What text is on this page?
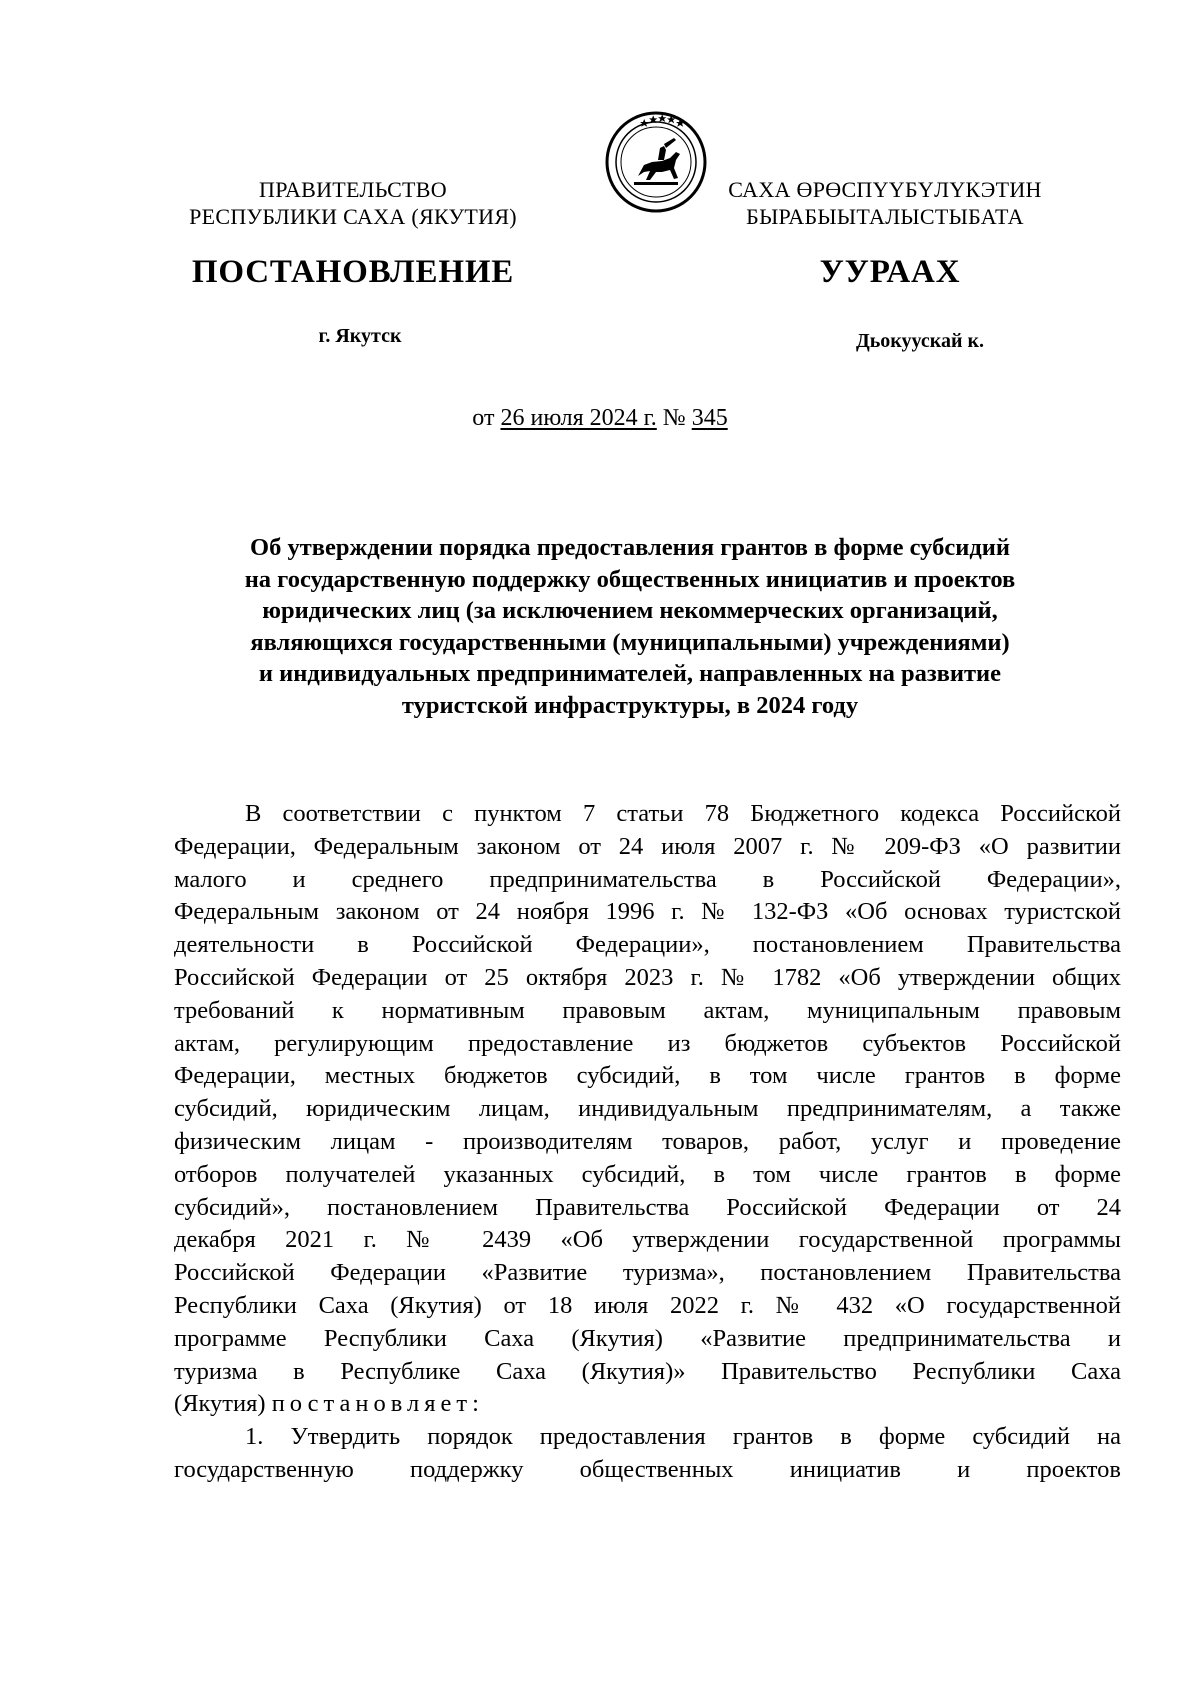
ПРАВИТЕЛЬСТВО
РЕСПУБЛИКИ САХА (ЯКУТИЯ)
САХА ӨРӨСПҮҮБҮЛҮКЭТИН
БЫРАБЫЫТАЛЫСТЫБАТА
ПОСТАНОВЛЕНИЕ	УУРААХ
г. Якутск	Дьокуускай к.
от 26 июля 2024 г. № 345
Об утверждении порядка предоставления грантов в форме субсидий
на государственную поддержку общественных инициатив и проектов
юридических лиц (за исключением некоммерческих организаций,
являющихся государственными (муниципальными) учреждениями)
и индивидуальных предпринимателей, направленных на развитие
туристской инфраструктуры, в 2024 году
В соответствии с пунктом 7 статьи 78 Бюджетного кодекса Российской
Федерации, Федеральным законом от 24 июля 2007 г. № 209-ФЗ «О развитии
малого и среднего предпринимательства в Российской Федерации»,
Федеральным законом от 24 ноября 1996 г. № 132-ФЗ «Об основах туристской
деятельности в Российской Федерации», постановлением Правительства
Российской Федерации от 25 октября 2023 г. № 1782 «Об утверждении общих
требований к нормативным правовым актам, муниципальным правовым
актам, регулирующим предоставление из бюджетов субъектов Российской
Федерации, местных бюджетов субсидий, в том числе грантов в форме
субсидий, юридическим лицам, индивидуальным предпринимателям, а также
физическим лицам - производителям товаров, работ, услуг и проведение
отборов получателей указанных субсидий, в том числе грантов в форме
субсидий», постановлением Правительства Российской Федерации от 24
декабря 2021 г. № 2439 «Об утверждении государственной программы
Российской Федерации «Развитие туризма», постановлением Правительства
Республики Саха (Якутия) от 18 июля 2022 г. № 432 «О государственной
программе Республики Саха (Якутия) «Развитие предпринимательства и
туризма в Республике Саха (Якутия)» Правительство Республики Саха
(Якутия) постановляет:
1. Утвердить порядок предоставления грантов в форме субсидий на
государственную поддержку общественных инициатив и проектов
